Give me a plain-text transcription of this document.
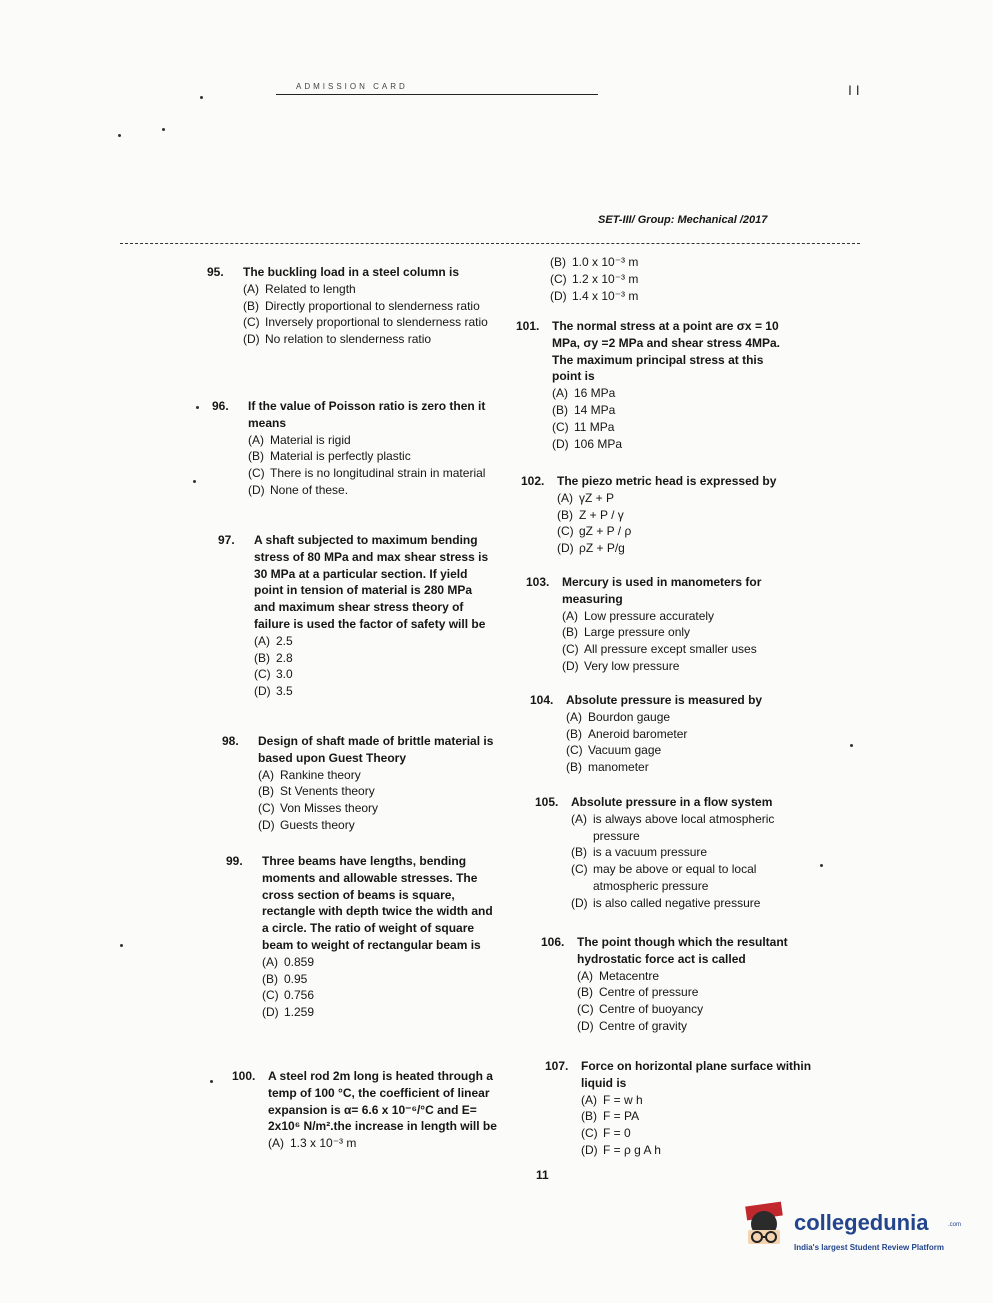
ADMISSION CARD	I I
SET-III/ Group: Mechanical /2017
95.	The buckling load in a steel column is
(A) Related to length
(B) Directly proportional to slenderness ratio
(C) Inversely proportional to slenderness ratio
(D) No relation to slenderness ratio
96.	If the value of Poisson ratio is zero then it means
(A) Material is rigid
(B) Material is perfectly plastic
(C) There is no longitudinal strain in material
(D) None of these.
97.	A shaft subjected to maximum bending stress of 80 MPa and max shear stress is 30 MPa at a particular section. If yield point in tension of material is 280 MPa and maximum shear stress theory of failure is used the factor of safety will be
(A) 2.5
(B) 2.8
(C) 3.0
(D) 3.5
98.	Design of shaft made of brittle material is based upon Guest Theory
(A) Rankine theory
(B) St Venents theory
(C) Von Misses theory
(D) Guests theory
99.	Three beams have lengths, bending moments and allowable stresses. The cross section of beams is square, rectangle with depth twice the width and a circle. The ratio of weight of square beam to weight of rectangular beam is
(A) 0.859
(B) 0.95
(C) 0.756
(D) 1.259
100.	A steel rod 2m long is heated through a temp of 100 °C, the coefficient of linear expansion is α= 6.6 x 10⁻⁶/°C and E= 2x10⁶ N/m².the increase in length will be
(A) 1.3 x 10⁻³ m
(B) 1.0 x 10⁻³ m
(C) 1.2 x 10⁻³ m
(D) 1.4 x 10⁻³ m
101.	The normal stress at a point are σx = 10 MPa, σy =2 MPa and shear stress 4MPa. The maximum principal stress at this point is
(A) 16 MPa
(B) 14 MPa
(C) 11 MPa
(D) 106 MPa
102.	The piezo metric head is expressed by
(A) γZ + P
(B) Z + P / γ
(C) gZ + P / ρ
(D) ρZ + P/g
103.	Mercury is used in manometers for measuring
(A) Low pressure accurately
(B) Large pressure only
(C) All pressure except smaller uses
(D) Very low pressure
104.	Absolute pressure is measured by
(A) Bourdon gauge
(B) Aneroid barometer
(C) Vacuum gage
(B) manometer
105.	Absolute pressure in a flow system
(A) is always above local atmospheric pressure
(B) is a vacuum pressure
(C) may be above or equal to local atmospheric pressure
(D) is also called negative pressure
106.	The point though which the resultant hydrostatic force act is called
(A) Metacentre
(B) Centre of pressure
(C) Centre of buoyancy
(D) Centre of gravity
107.	Force on horizontal plane surface within liquid is
(A) F = w h
(B) F = PA
(C) F = 0
(D) F = ρ g A h
11
collegedunia	.com
India's largest Student Review Platform
